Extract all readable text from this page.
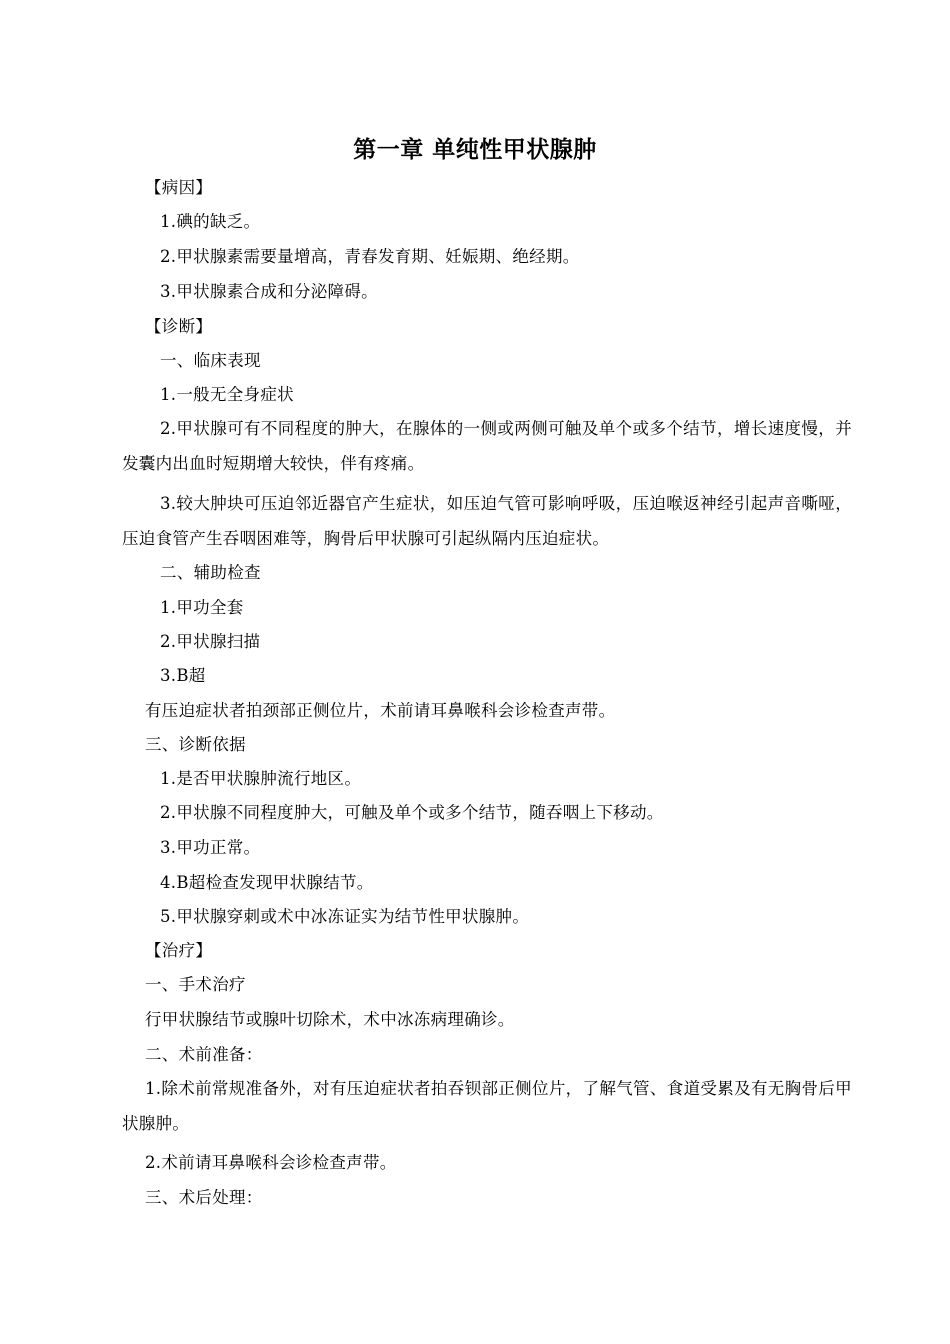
第一章 单纯性甲状腺肿
【病因】
1.碘的缺乏。
2.甲状腺素需要量增高，青春发育期、妊娠期、绝经期。
3.甲状腺素合成和分泌障碍。
【诊断】
一、临床表现
1.一般无全身症状
2.甲状腺可有不同程度的肿大，在腺体的一侧或两侧可触及单个或多个结节，增长速度慢，并发囊内出血时短期增大较快，伴有疼痛。
3.较大肿块可压迫邻近器官产生症状，如压迫气管可影响呼吸，压迫喉返神经引起声音嘶哑，压迫食管产生吞咽困难等，胸骨后甲状腺可引起纵隔内压迫症状。
二、辅助检查
1.甲功全套
2.甲状腺扫描
3.B超
有压迫症状者拍颈部正侧位片，术前请耳鼻喉科会诊检查声带。
三、诊断依据
1.是否甲状腺肿流行地区。
2.甲状腺不同程度肿大，可触及单个或多个结节，随吞咽上下移动。
3.甲功正常。
4.B超检查发现甲状腺结节。
5.甲状腺穿刺或术中冰冻证实为结节性甲状腺肿。
【治疗】
一、手术治疗
行甲状腺结节或腺叶切除术，术中冰冻病理确诊。
二、术前准备：
1.除术前常规准备外，对有压迫症状者拍吞钡部正侧位片，了解气管、食道受累及有无胸骨后甲状腺肿。
2.术前请耳鼻喉科会诊检查声带。
三、术后处理：
